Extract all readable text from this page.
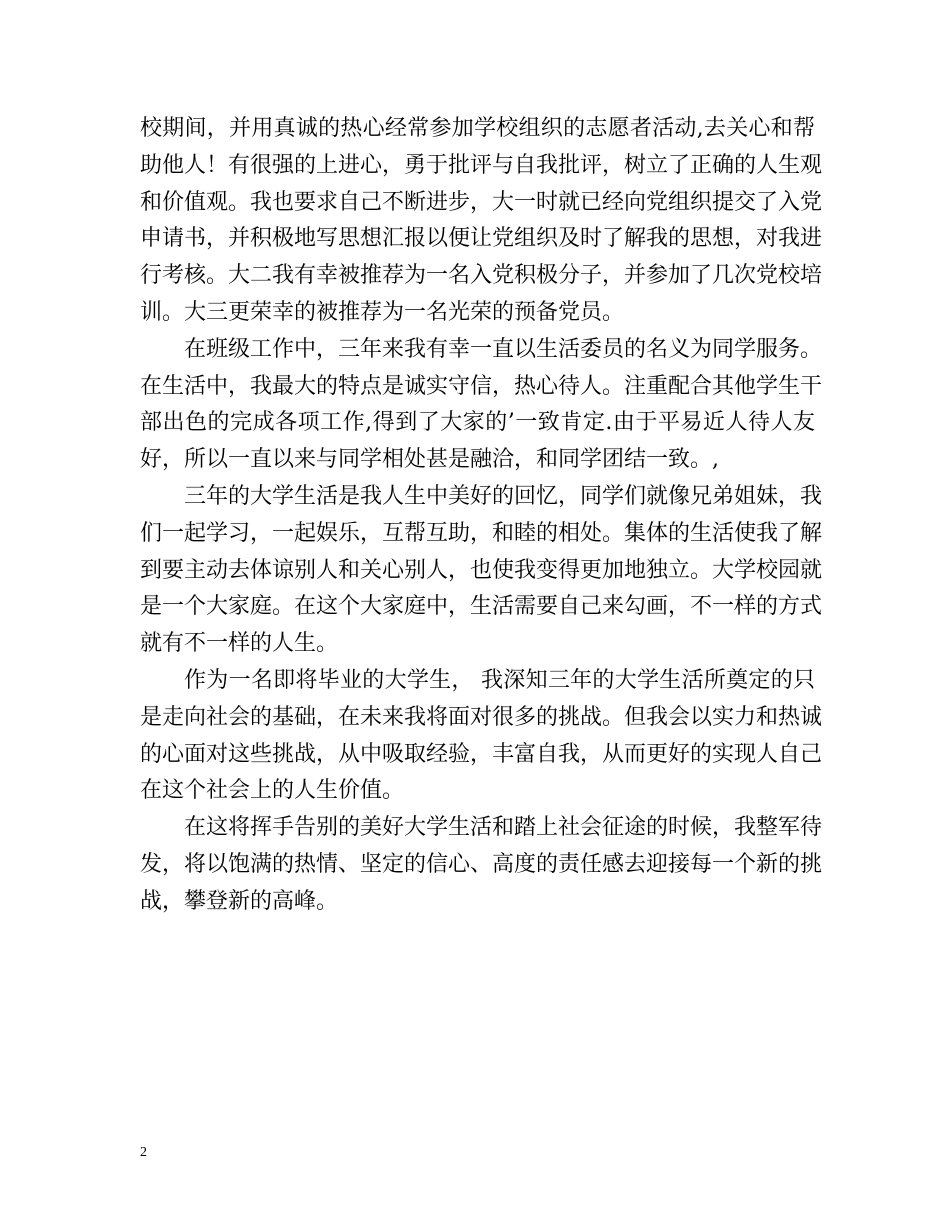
校期间，并用真诚的热心经常参加学校组织的志愿者活动,去关心和帮
助他人！有很强的上进心，勇于批评与自我批评，树立了正确的人生观
和价值观。我也要求自己不断进步，大一时就已经向党组织提交了入党
申请书，并积极地写思想汇报以便让党组织及时了解我的思想，对我进
行考核。大二我有幸被推荐为一名入党积极分子，并参加了几次党校培
训。大三更荣幸的被推荐为一名光荣的预备党员。

在班级工作中，三年来我有幸一直以生活委员的名义为同学服务。
在生活中，我最大的特点是诚实守信，热心待人。注重配合其他学生干
部出色的完成各项工作,得到了大家的’一致肯定.由于平易近人待人友
好，所以一直以来与同学相处甚是融洽，和同学团结一致。,

三年的大学生活是我人生中美好的回忆，同学们就像兄弟姐妹，我
们一起学习，一起娱乐，互帮互助，和睦的相处。集体的生活使我了解
到要主动去体谅别人和关心别人，也使我变得更加地独立。大学校园就
是一个大家庭。在这个大家庭中，生活需要自己来勾画，不一样的方式
就有不一样的人生。

作为一名即将毕业的大学生， 我深知三年的大学生活所奠定的只
是走向社会的基础，在未来我将面对很多的挑战。但我会以实力和热诚
的心面对这些挑战，从中吸取经验，丰富自我，从而更好的实现人自己
在这个社会上的人生价值。

在这将挥手告别的美好大学生活和踏上社会征途的时候，我整军待
发，将以饱满的热情、坚定的信心、高度的责任感去迎接每一个新的挑
战，攀登新的高峰。

2
